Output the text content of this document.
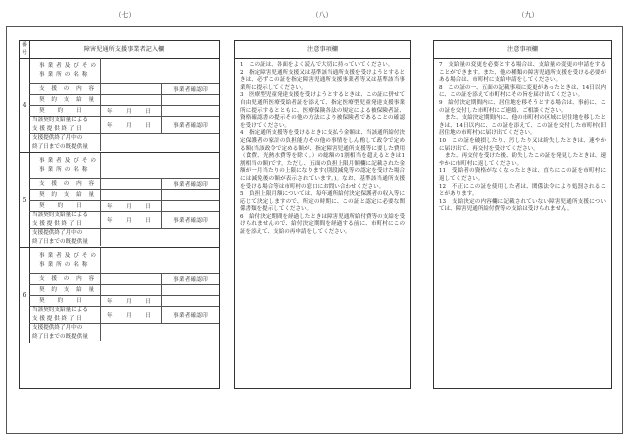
（七）	（八）	（九）
番号	障害児通所支援事業者記入欄
4
事 業 者 及 び そ の
事 業 所 の 名 称
支　援　の　内　容	事業者確認印
契　約　支　給　量
契　　約　　日	年　月　日
当該契約支給量による
支 援 提 供 終 了 日	年　月　日	事業者確認印
支援提供終了月中の
終了日までの既提供量
5
事 業 者 及 び そ の
事 業 所 の 名 称
支　援　の　内　容	事業者確認印
契　約　支　給　量
契　　約　　日	年　月　日
当該契約支給量による
支 援 提 供 終 了 日	年　月　日	事業者確認印
支援提供終了月中の
終了日までの既提供量
6
事 業 者 及 び そ の
事 業 所 の 名 称
支　援　の　内　容	事業者確認印
契　約　支　給　量
契　　約　　日	年　月　日
当該契約支給量による
支 援 提 供 終 了 日	年　月　日	事業者確認印
支援提供終了月中の
終了日までの既提供量
注意事項欄

1　この証は、各面をよく読んで大切に持っていてください。

2　指定障害児通所支援又は基準該当通所支援を受けようとするときは、必ずこの証を指定障害児通所支援事業者等又は基準該当事業所に提示してください。

3　医療型児童発達支援を受けようとするときは、この証に併せて自由児通所医療受給者証を添えて、指定医療型児童発達支援事業所に提示するとともに、医療保険各法の規定による被保険者証、資格確認書の提示その他の方法により被保険者であることの確認を受けてください。

4　指定通所支援等を受けるときに支払う金額は、当該通所給付決定保護者の家計の負担能力その他の事情をしん酌して政令で定める額(当該政令で定める額が、指定障害児通所支援等に要した費用（食費、光熱水費等を除く。）の総額の1割相当を超えるときは1割相当の額)です。ただし、五面の負担上限月額欄に記載された金額が一月当たりの上限になります(別段減免等の認定を受けた場合には減免後の額が表示されています。)。なお、基準該当通所支援を受ける場合等は市町村の窓口にお問い合わせください。

5　負担上限月額については、毎年通所給付決定保護者の収入等に応じて決定しますので、所定の時期に、この証と認定に必要な関係書類を提示してください。

6　給付決定期間を経過したときは障害児通所給付費等の支給を受けられませんので、給付決定期間を経過する前に、市町村にこの証を添えて、支給の再申請をしてください。

注意事項欄

7　支給量の変更を必要とする場合は、支給量の変更の申請をすることができます。また、他の種類の障害児通所支援を受ける必要がある場合は、市町村に支給申請をしてください。

8　この証の一、五面の記載事項に変更があったときは、14日以内に、この証を添えて市町村にその旨を届け出てください。

9　給付決定期間内に、居住地を移そうとする場合は、事前に、この証を交付した市町村にご連絡、ご相談ください。

また、支給決定期間内に、他の市町村の区域に居住地を移したときは、14日以内に、この証を添えて、この証を交付した市町村(旧居住地の市町村)に届け出てください。

10　この証を破損したり、汚したり又は紛失したときは、速やかに届け出て、再交付を受けてください。

また、再交付を受けた後、紛失したこの証を発見したときは、速やかに市町村に返してください。

11　受給者の資格がなくなったときは、直ちにこの証を市町村に返してください。

12　不正にこの証を使用した者は、関係法令により処罰されることがあります。

13　支給決定の内容欄に記載されていない障害児通所支援については、障害児通所給付費等の支給は受けられません。
